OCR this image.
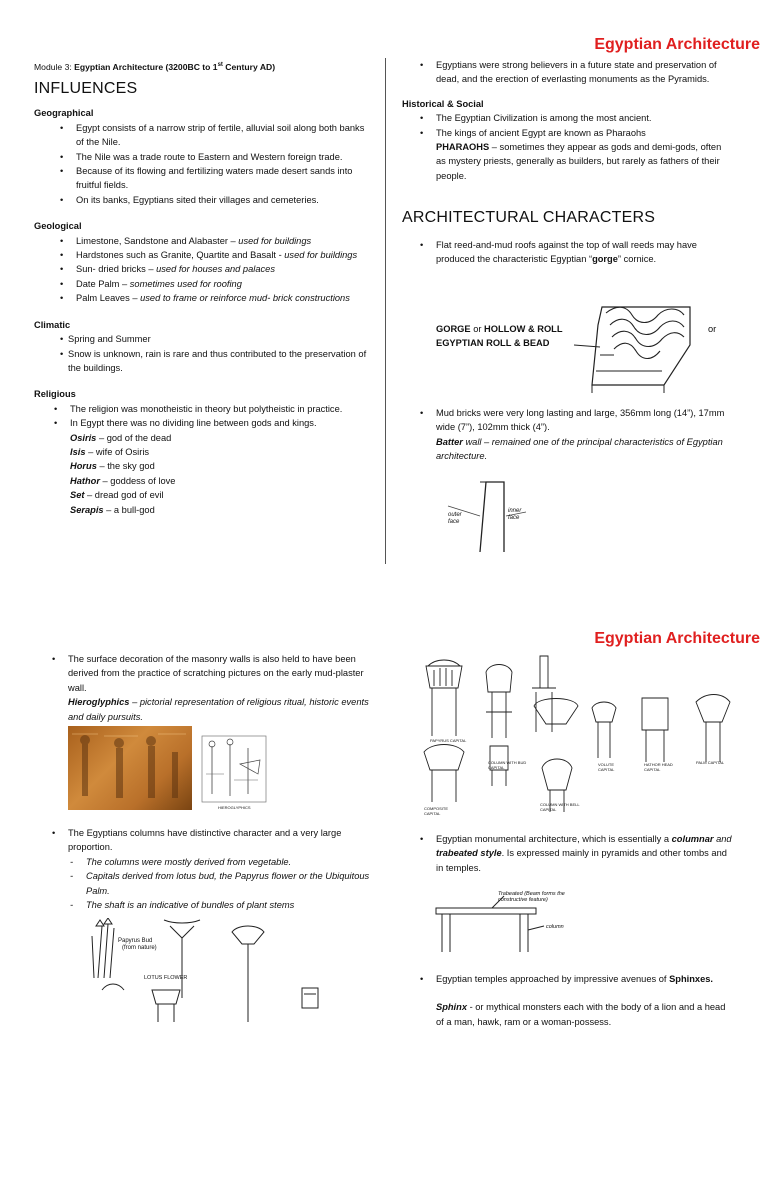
Module 3: Egyptian Architecture (3200BC to 1st Century AD)
Egyptian Architecture
INFLUENCES
Geographical
• Egypt consists of a narrow strip of fertile, alluvial soil along both banks of the Nile.
• The Nile was a trade route to Eastern and Western foreign trade.
• Because of its flowing and fertilizing waters made desert sands into fruitful fields.
• On its banks, Egyptians sited their villages and cemeteries.
Geological
• Limestone, Sandstone and Alabaster – used for buildings
• Hardstones such as Granite, Quartite and Basalt - used for buildings
• Sun- dried bricks – used for houses and palaces
• Date Palm – sometimes used for roofing
• Palm Leaves – used to frame or reinforce mud- brick constructions
Climatic
• Spring and Summer
• Snow is unknown, rain is rare and thus contributed to the preservation of the buildings.
Religious
• The religion was monotheistic in theory but polytheistic in practice.
• In Egypt there was no dividing line between gods and kings.
Osiris – god of the dead
Isis – wife of Osiris
Horus – the sky god
Hathor – goddess of love
Set – dread god of evil
Serapis – a bull-god
• Egyptians were strong believers in a future state and preservation of dead, and the erection of everlasting monuments as the Pyramids.
Historical & Social
• The Egyptian Civilization is among the most ancient.
• The kings of ancient Egypt are known as Pharaohs
PHARAOHS – sometimes they appear as gods and demi-gods, often as mystery priests, generally as builders, but rarely as fathers of their people.
ARCHITECTURAL CHARACTERS
• Flat reed-and-mud roofs against the top of wall reeds may have produced the characteristic Egyptian “gorge” cornice.
GORGE or HOLLOW & ROLL
EGYPTIAN ROLL & BEAD
or
• Mud bricks were very long lasting and large, 356mm long (14”), 17mm wide (7”), 102mm thick (4”).
Batter wall – remained one of the principal characteristics of Egyptian architecture.
outer face
inner face
Egyptian Architecture
• The surface decoration of the masonry walls is also held to have been derived from the practice of scratching pictures on the early mud-plaster wall.
Hieroglyphics – pictorial representation of religious ritual, historic events and daily pursuits.
HIEROGLYPHICS
• The Egyptians columns have distinctive character and a very large proportion.
- The columns were mostly derived from vegetable.
- Capitals derived from lotus bud, the Papyrus flower or the Ubiquitous Palm.
- The shaft is an indicative of bundles of plant stems
Papyrus Bud
(from nature)
LOTUS FLOWER
PAPYRUS CAPITAL
COLUMN WITH BUD CAPITAL
COMPOSITE CAPITAL
VOLUTE CAPITAL
COLUMN WITH BELL CAPITAL
HATHOR HEAD CAPITAL
PALM CAPITAL
• Egyptian monumental architecture, which is essentially a columnar and trabeated style. Is expressed mainly in pyramids and other tombs and in temples.
Trabeated (Beam forms the constructive feature)
column
• Egyptian temples approached by impressive avenues of Sphinxes.
Sphinx - or mythical monsters each with the body of a lion and a head of a man, hawk, ram or a woman-possess.
